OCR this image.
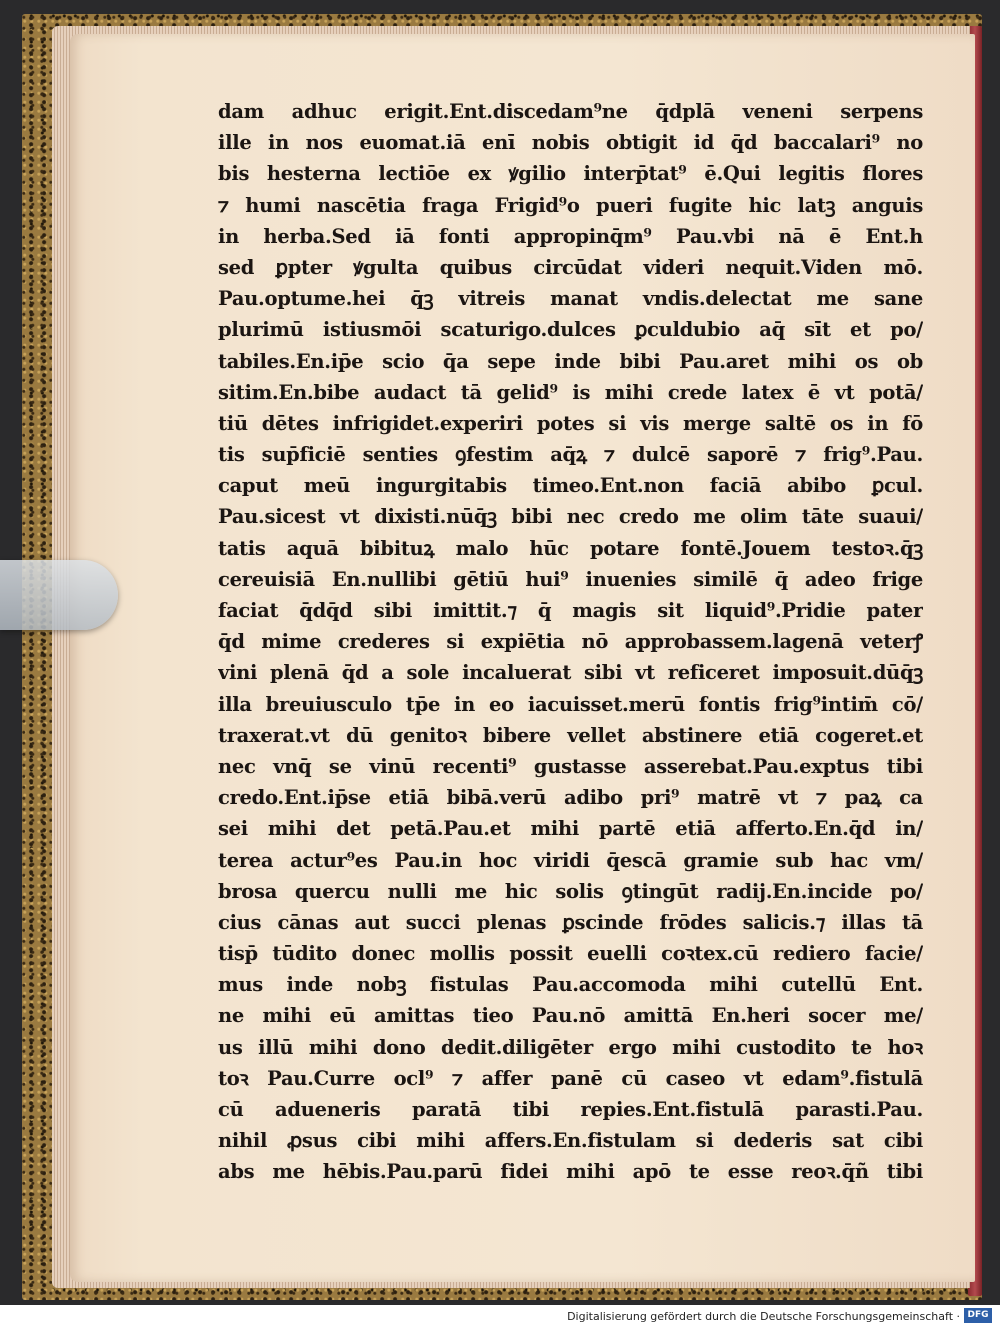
dam adhuc erigit.Ent.discedam⁹ne q̄dplā veneni serpens
ille in nos euomat.iā enī nobis obtigit id q̄d baccalari⁹ no
bis hesterna lectiōe ex ꝟgilio interp̄tat⁹ ē.Qui legitis flores
⁊ humi nascētia fraga Frigid⁹o pueri fugite hic latꝫ anguis
in herba.Sed iā fonti appropinq̄m⁹ Pau.vbi nā ē Ent.h
sed ꝑpter ꝟgulta quibus circūdat videri nequit.Viden mō.
Pau.optume.hei q̄ꝫ vitreis manat vndis.delectat me sane
plurimū istiusmōi scaturigo.dulces ꝑculdubio aq̄ sīt et po/
tabiles.En.ip̄e scio q̄a sepe inde bibi Pau.aret mihi os ob
sitim.En.bibe audact tā gelid⁹ is mihi crede latex ē vt potā/
tiū dētes infrigidet.experiri potes si vis merge saltē os in fō
tis sup̄ficiē senties ꝯfestim aq̄ꝝ ⁊ dulcē saporē ⁊ frig⁹.Pau.
caput meū ingurgitabis timeo.Ent.non faciā abibo ꝑcul.
Pau.sicest vt dixisti.nūq̄ꝫ bibi nec credo me olim tāte suaui/
tatis aquā bibituꝝ malo hūc potare fontē.Jouem testoꝛ.q̄ꝫ
cereuisiā En.nullibi gētiū hui⁹ inuenies similē q̄ adeo frige
faciat q̄dq̄d sibi imittit.⁊ q̄ magis sit liquid⁹.Pridie pater
q̄d mime crederes si expiētia nō approbassem.lagenā veterꝭ
vini plenā q̄d a sole incaluerat sibi vt reficeret imposuit.dūq̄ꝫ
illa breuiusculo tp̄e in eo iacuisset.merū fontis frig⁹intim̄ cō/
traxerat.vt dū genitoꝛ bibere vellet abstinere etiā cogeret.et
nec vnq̄ se vinū recenti⁹ gustasse asserebat.Pau.exptus tibi
credo.Ent.ip̄se etiā bibā.verū adibo pri⁹ matrē vt ⁊ paꝝ ca
sei mihi det petā.Pau.et mihi partē etiā afferto.En.q̄d in/
terea actur⁹es Pau.in hoc viridi q̄escā gramie sub hac vm/
brosa quercu nulli me hic solis ꝯtingūt radij.En.incide po/
cius cānas aut succi plenas ꝑscinde frōdes salicis.⁊ illas tā
tisp̄ tūdito donec mollis possit euelli coꝛtex.cū rediero facie/
mus inde nobꝫ fistulas Pau.accomoda mihi cutellū Ent.
ne mihi eū amittas tieo Pau.nō amittā En.heri socer me/
us illū mihi dono dedit.diligēter ergo mihi custodito te hoꝛ
toꝛ Pau.Curre ocl⁹ ⁊ affer panē cū caseo vt edam⁹.fistulā
cū adueneris paratā tibi repies.Ent.fistulā parasti.Pau.
nihil ꝓsus cibi mihi affers.En.fistulam si dederis sat cibi
abs me hēbis.Pau.parū fidei mihi apō te esse reoꝛ.q̄ñ tibi
Digitalisierung gefördert durch die Deutsche Forschungsgemeinschaft · DFG
